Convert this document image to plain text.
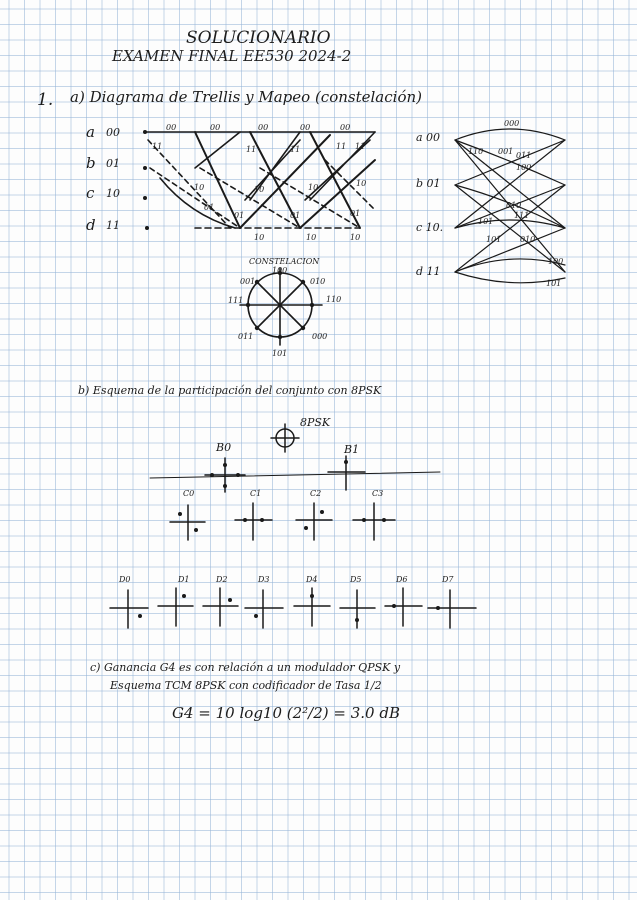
SOLUCIONARIO
EXAMEN FINAL EE530 2024-2
1. a) Diagrama de Trellis y Mapeo (constelación)
a 00
b 01
c 10
d 11
00	00	00	00	00
11	11	11	11 11
10
01
01	01	01
10	10	10
10	10	10
a 00
b 01
c 10.
d 11
000
110 001 011
100
010
111
101
101 010
100
101
CONSTELACION
100
010
110
000
101
011
111
001
b) Esquema de la participación del conjunto con 8PSK
8PSK
B0	B1
C0	C1	C2	C3
D0	D1	D2	D3	D4	D5	D6	D7
c) Ganancia G4 es con relación a un modulador QPSK y
Esquema TCM 8PSK con codificador de Tasa 1/2
G4 = 10 log10 (2²/2) = 3.0 dB
